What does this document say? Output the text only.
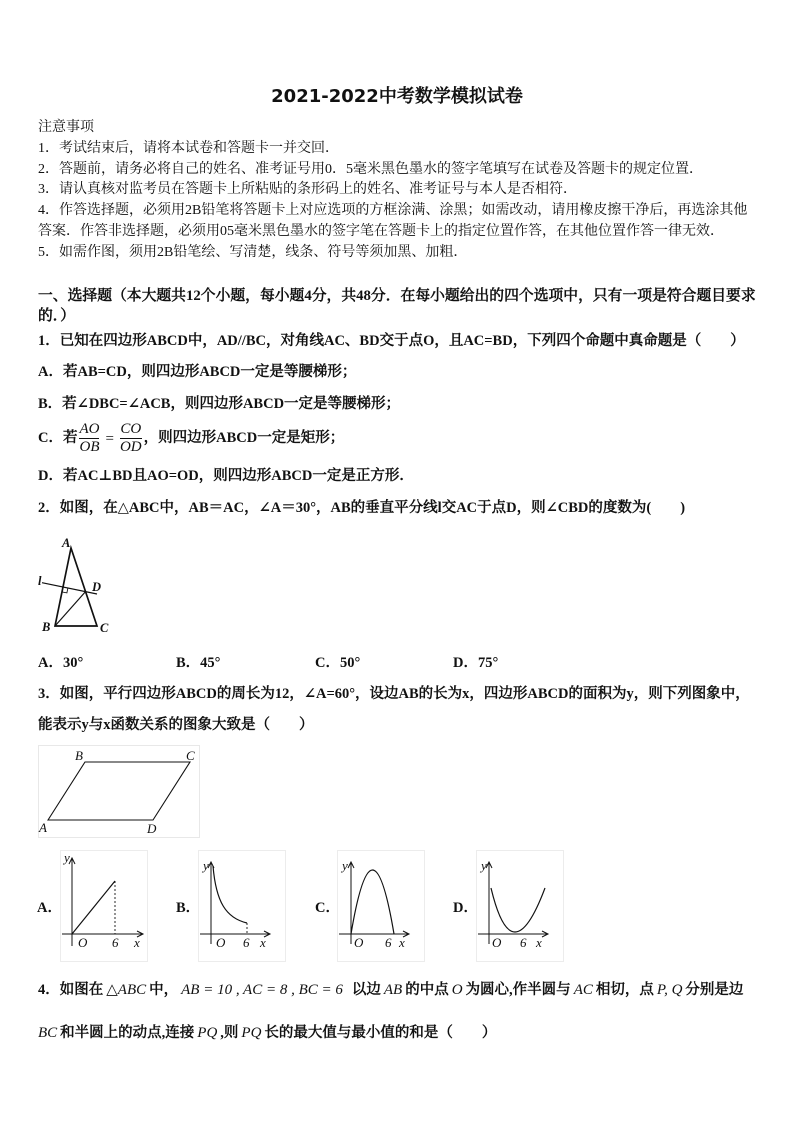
2021-2022中考数学模拟试卷
注意事项
1．考试结束后，请将本试卷和答题卡一并交回．
2．答题前，请务必将自己的姓名、准考证号用0．5毫米黑色墨水的签字笔填写在试卷及答题卡的规定位置．
3．请认真核对监考员在答题卡上所粘贴的条形码上的姓名、准考证号与本人是否相符．
4．作答选择题，必须用2B铅笔将答题卡上对应选项的方框涂满、涂黑；如需改动，请用橡皮擦干净后，再选涂其他
答案．作答非选择题，必须用05毫米黑色墨水的签字笔在答题卡上的指定位置作答，在其他位置作答一律无效．
5．如需作图，须用2B铅笔绘、写清楚，线条、符号等须加黑、加粗．
一、选择题（本大题共12个小题，每小题4分，共48分．在每小题给出的四个选项中，只有一项是符合题目要求
的．）
1．已知在四边形ABCD中，AD//BC，对角线AC、BD交于点O，且AC=BD，下列四个命题中真命题是（　　）
A．若AB=CD，则四边形ABCD一定是等腰梯形；
B．若∠DBC=∠ACB，则四边形ABCD一定是等腰梯形；
C．若 $\frac{AO}{OB} = \frac{CO}{OD}$ ，则四边形ABCD一定是矩形；
D．若AC⊥BD且AO=OD，则四边形ABCD一定是正方形．
2．如图，在△ABC中，AB＝AC，∠A＝30°，AB的垂直平分线l交AC于点D，则∠CBD的度数为(　　)
A
l	D
B	C
A．30°	B．45°	C．50°	D．75°
3．如图，平行四边形ABCD的周长为12，∠A=60°，设边AB的长为x，四边形ABCD的面积为y，则下列图象中，
能表示y与x函数关系的图象大致是（　　）
B	C
A	D
A．
y
O 6 x
B．
y
O 6 x
C．
y
O 6 x
D．
y
O 6 x
4．如图在 △ABC 中， AB = 10 , AC = 8 , BC = 6 以边 AB 的中点 O 为圆心,作半圆与 AC 相切，点 P, Q 分别是边
BC 和半圆上的动点,连接 PQ ,则 PQ 长的最大值与最小值的和是（　　）
